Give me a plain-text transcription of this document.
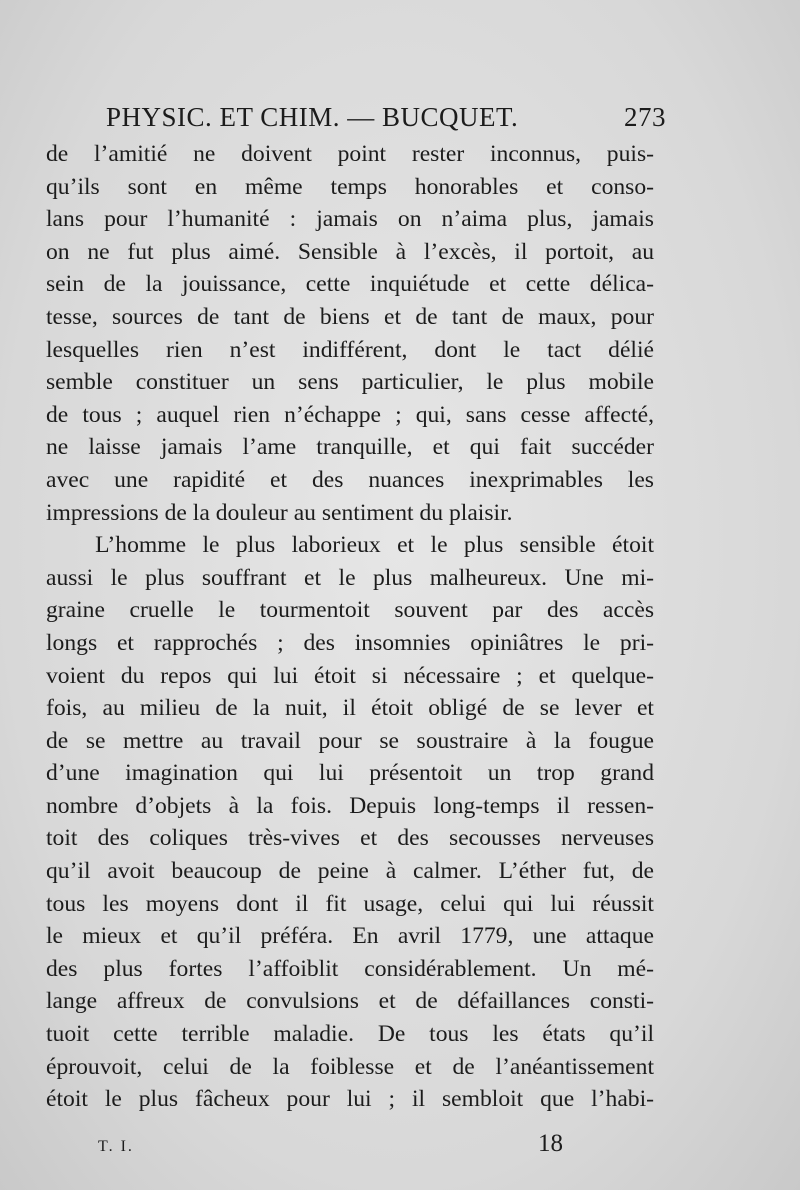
PHYSIC. ET CHIM. — BUCQUET.	273
de l’amitié ne doivent point rester inconnus, puis-
qu’ils sont en même temps honorables et conso-
lans pour l’humanité : jamais on n’aima plus, jamais
on ne fut plus aimé. Sensible à l’excès, il portoit, au
sein de la jouissance, cette inquiétude et cette délica-
tesse, sources de tant de biens et de tant de maux, pour
lesquelles rien n’est indifférent, dont le tact délié
semble constituer un sens particulier, le plus mobile
de tous ; auquel rien n’échappe ; qui, sans cesse affecté,
ne laisse jamais l’ame tranquille, et qui fait succéder
avec une rapidité et des nuances inexprimables les
impressions de la douleur au sentiment du plaisir.
L’homme le plus laborieux et le plus sensible étoit
aussi le plus souffrant et le plus malheureux. Une mi-
graine cruelle le tourmentoit souvent par des accès
longs et rapprochés ; des insomnies opiniâtres le pri-
voient du repos qui lui étoit si nécessaire ; et quelque-
fois, au milieu de la nuit, il étoit obligé de se lever et
de se mettre au travail pour se soustraire à la fougue
d’une imagination qui lui présentoit un trop grand
nombre d’objets à la fois. Depuis long-temps il ressen-
toit des coliques très-vives et des secousses nerveuses
qu’il avoit beaucoup de peine à calmer. L’éther fut, de
tous les moyens dont il fit usage, celui qui lui réussit
le mieux et qu’il préféra. En avril 1779, une attaque
des plus fortes l’affoiblit considérablement. Un mé-
lange affreux de convulsions et de défaillances consti-
tuoit cette terrible maladie. De tous les états qu’il
éprouvoit, celui de la foiblesse et de l’anéantissement
étoit le plus fâcheux pour lui ; il sembloit que l’habi-
T. I.	18
